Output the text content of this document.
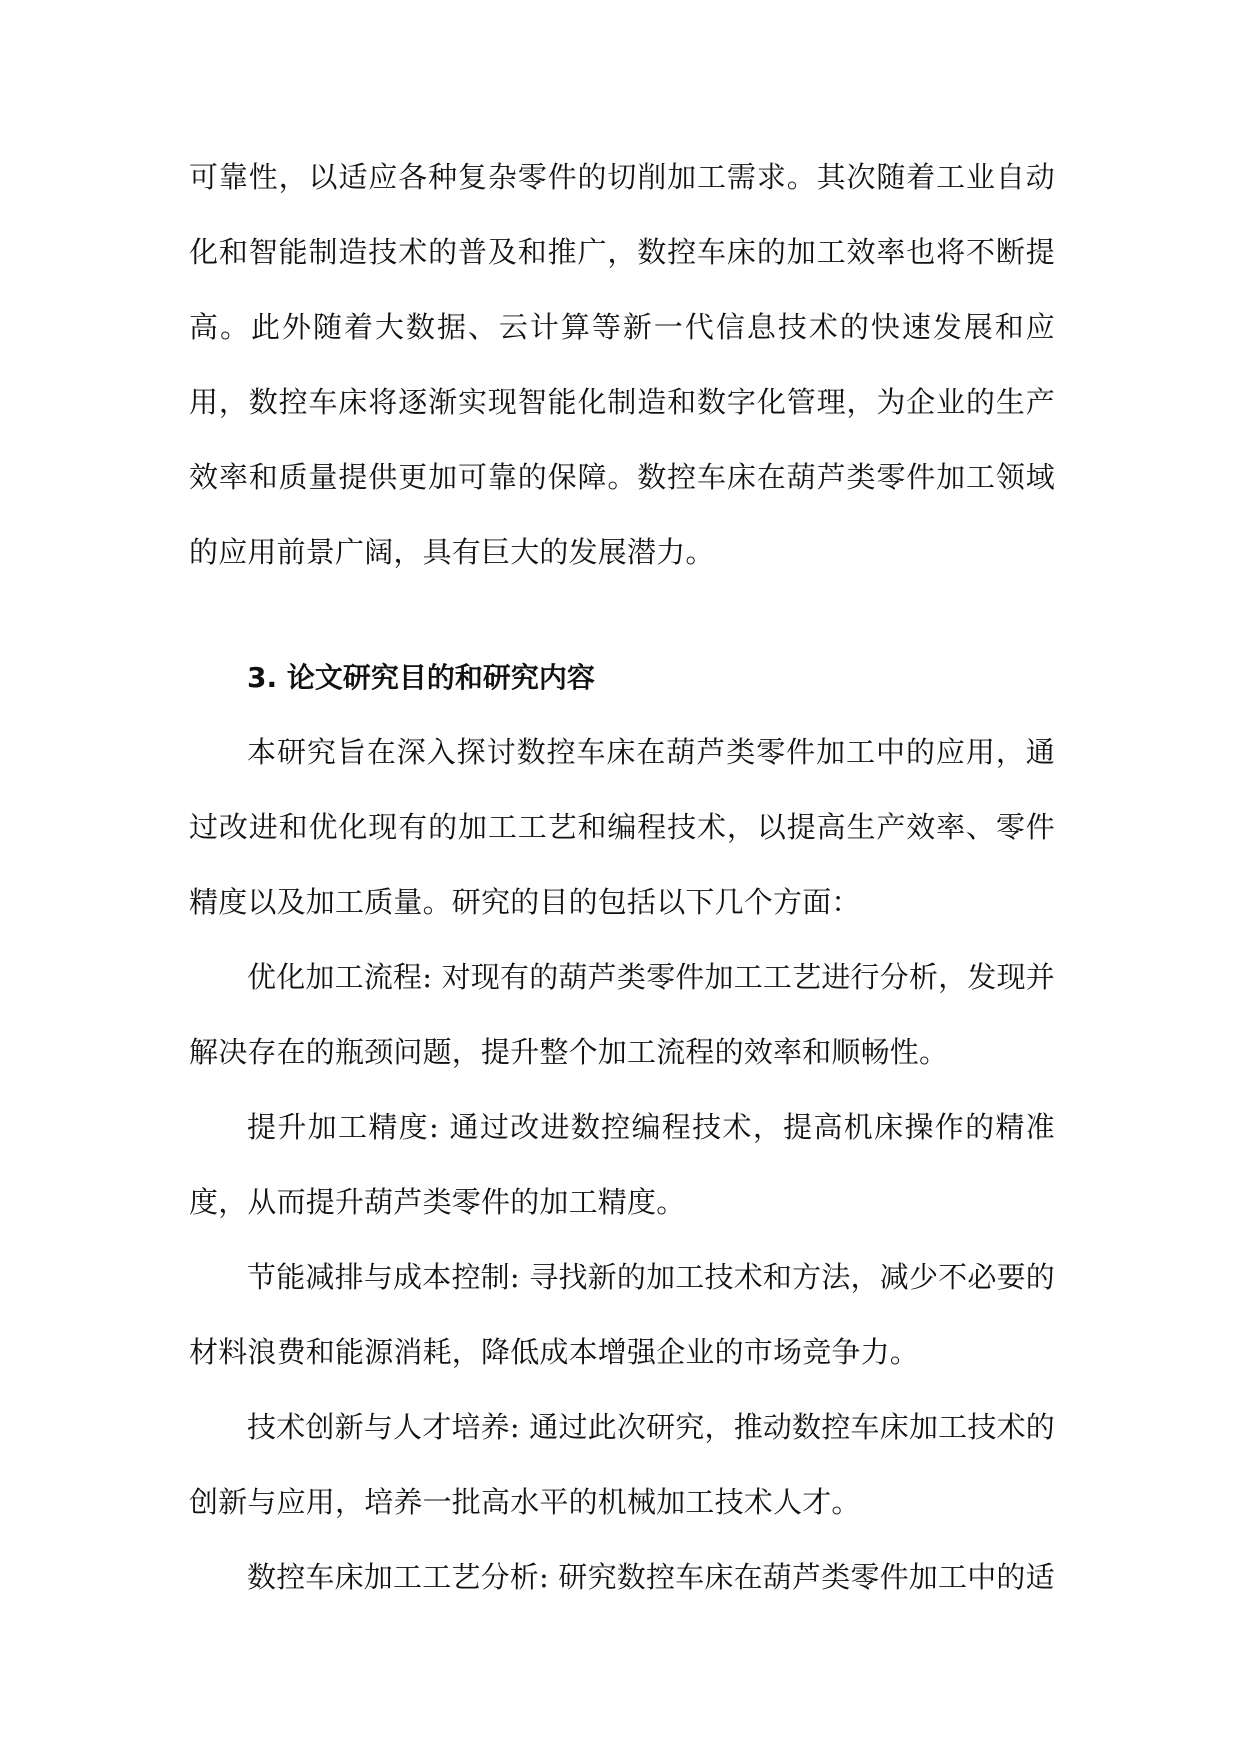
可靠性，以适应各种复杂零件的切削加工需求。其次随着工业自动化和智能制造技术的普及和推广，数控车床的加工效率也将不断提高。此外随着大数据、云计算等新一代信息技术的快速发展和应用，数控车床将逐渐实现智能化制造和数字化管理，为企业的生产效率和质量提供更加可靠的保障。数控车床在葫芦类零件加工领域的应用前景广阔，具有巨大的发展潜力。

3. 论文研究目的和研究内容

本研究旨在深入探讨数控车床在葫芦类零件加工中的应用，通过改进和优化现有的加工工艺和编程技术，以提高生产效率、零件精度以及加工质量。研究的目的包括以下几个方面：

优化加工流程: 对现有的葫芦类零件加工工艺进行分析，发现并解决存在的瓶颈问题，提升整个加工流程的效率和顺畅性。

提升加工精度: 通过改进数控编程技术，提高机床操作的精准度，从而提升葫芦类零件的加工精度。

节能减排与成本控制: 寻找新的加工技术和方法，减少不必要的材料浪费和能源消耗，降低成本增强企业的市场竞争力。

技术创新与人才培养: 通过此次研究，推动数控车床加工技术的创新与应用，培养一批高水平的机械加工技术人才。

数控车床加工工艺分析: 研究数控车床在葫芦类零件加工中的适
